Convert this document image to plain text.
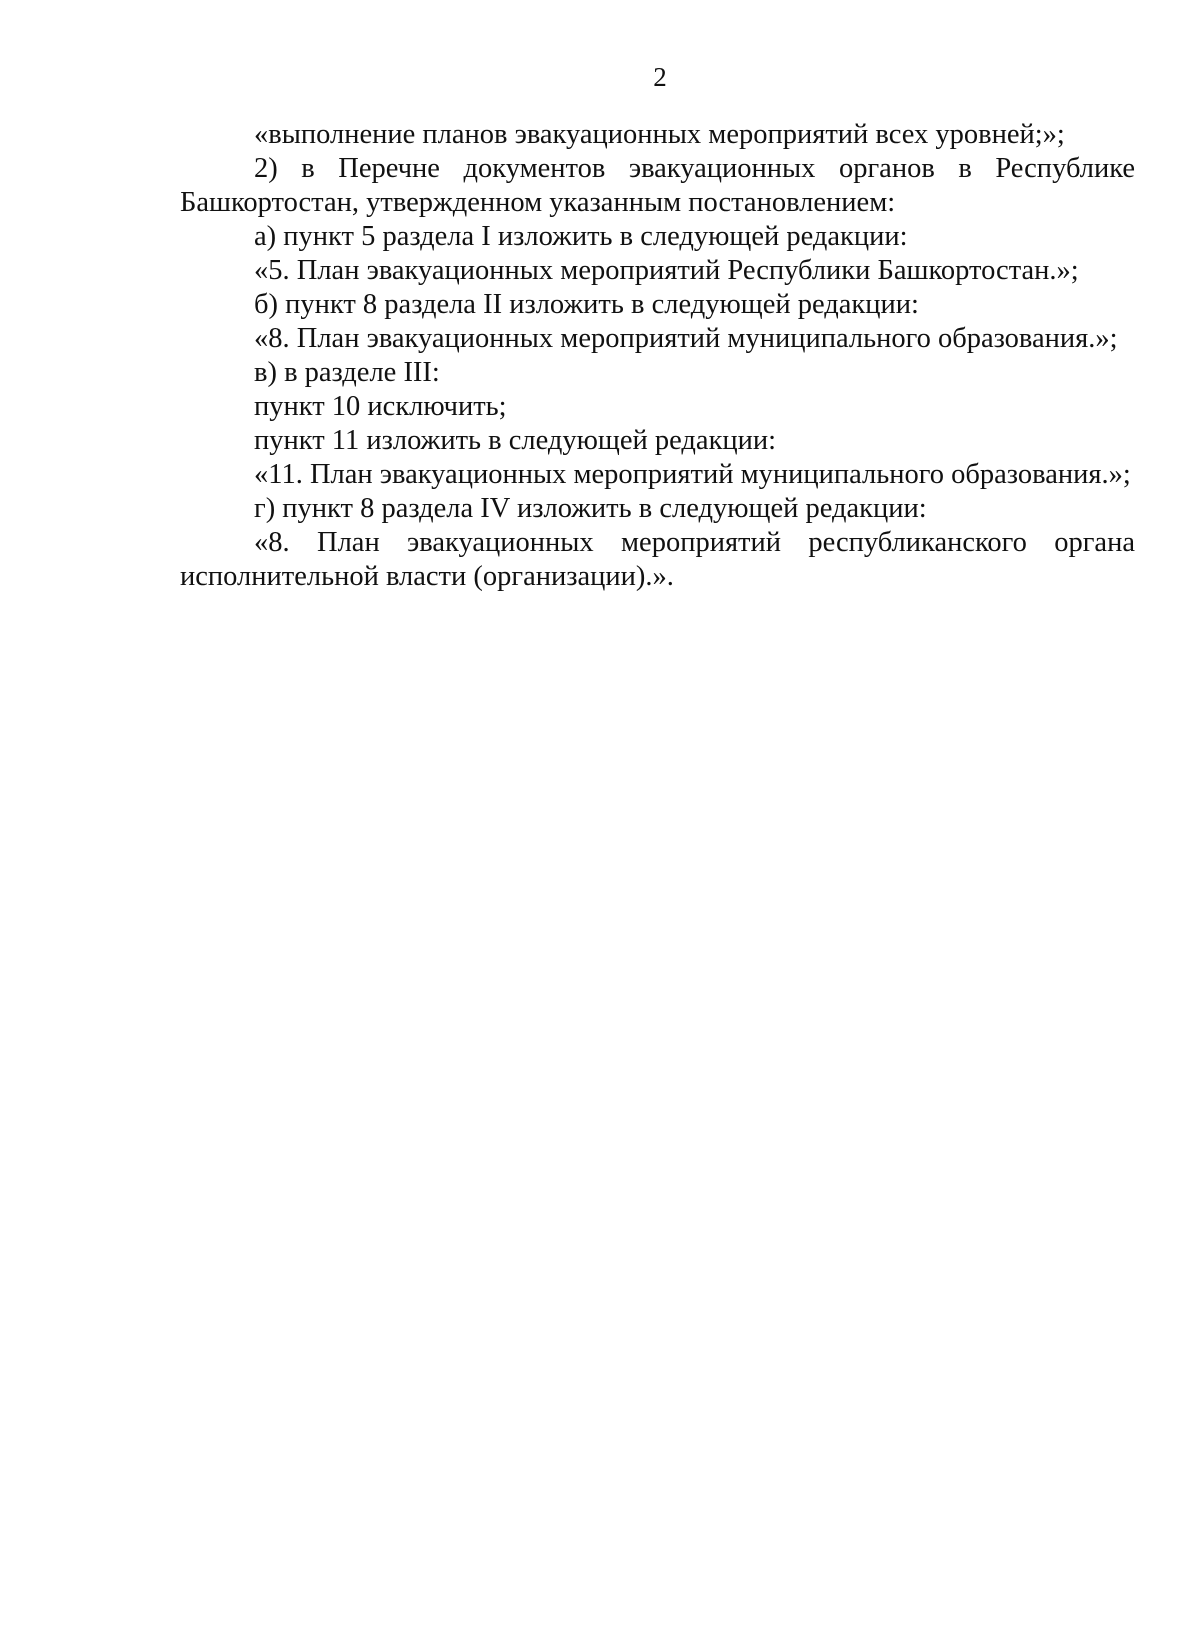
2

«выполнение планов эвакуационных мероприятий всех уровней;»;

2) в Перечне документов эвакуационных органов в Республике Башкортостан, утвержденном указанным постановлением:

а) пункт 5 раздела I изложить в следующей редакции:

«5. План эвакуационных мероприятий Республики Башкортостан.»;

б) пункт 8 раздела II изложить в следующей редакции:

«8. План эвакуационных мероприятий муниципального образования.»;

в) в разделе III:

пункт 10 исключить;

пункт 11 изложить в следующей редакции:

«11. План эвакуационных мероприятий муниципального образования.»;

г) пункт 8 раздела IV изложить в следующей редакции:

«8. План эвакуационных мероприятий республиканского органа исполнительной власти (организации).».
